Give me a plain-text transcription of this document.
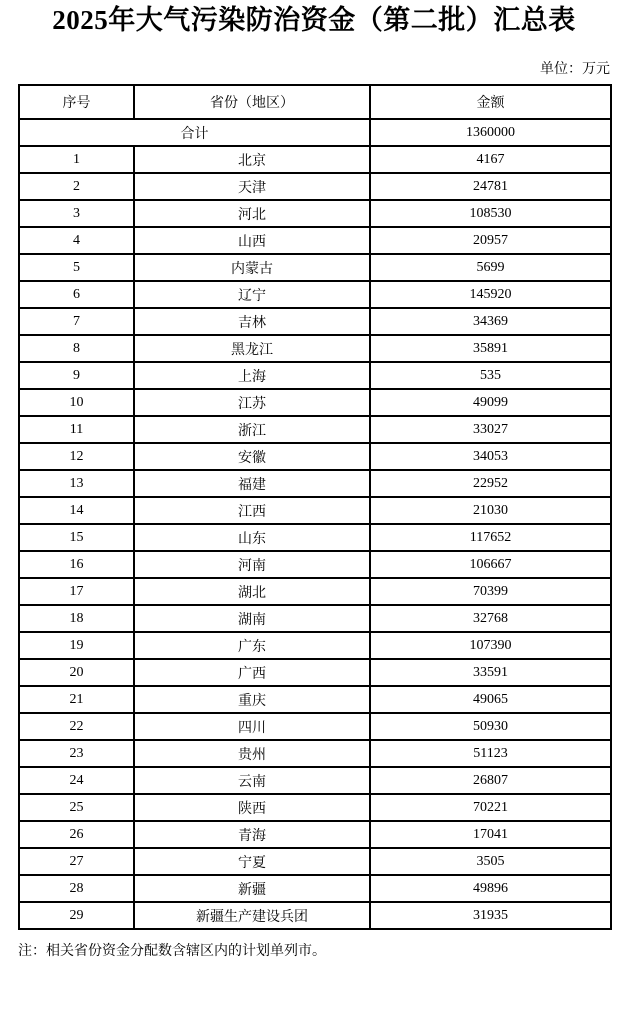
2025年大气污染防治资金（第二批）汇总表
单位：万元
序号	省份（地区）	金额
合计		1360000
1	北京	4167
2	天津	24781
3	河北	108530
4	山西	20957
5	内蒙古	5699
6	辽宁	145920
7	吉林	34369
8	黑龙江	35891
9	上海	535
10	江苏	49099
11	浙江	33027
12	安徽	34053
13	福建	22952
14	江西	21030
15	山东	117652
16	河南	106667
17	湖北	70399
18	湖南	32768
19	广东	107390
20	广西	33591
21	重庆	49065
22	四川	50930
23	贵州	51123
24	云南	26807
25	陕西	70221
26	青海	17041
27	宁夏	3505
28	新疆	49896
29	新疆生产建设兵团	31935
注：相关省份资金分配数含辖区内的计划单列市。
